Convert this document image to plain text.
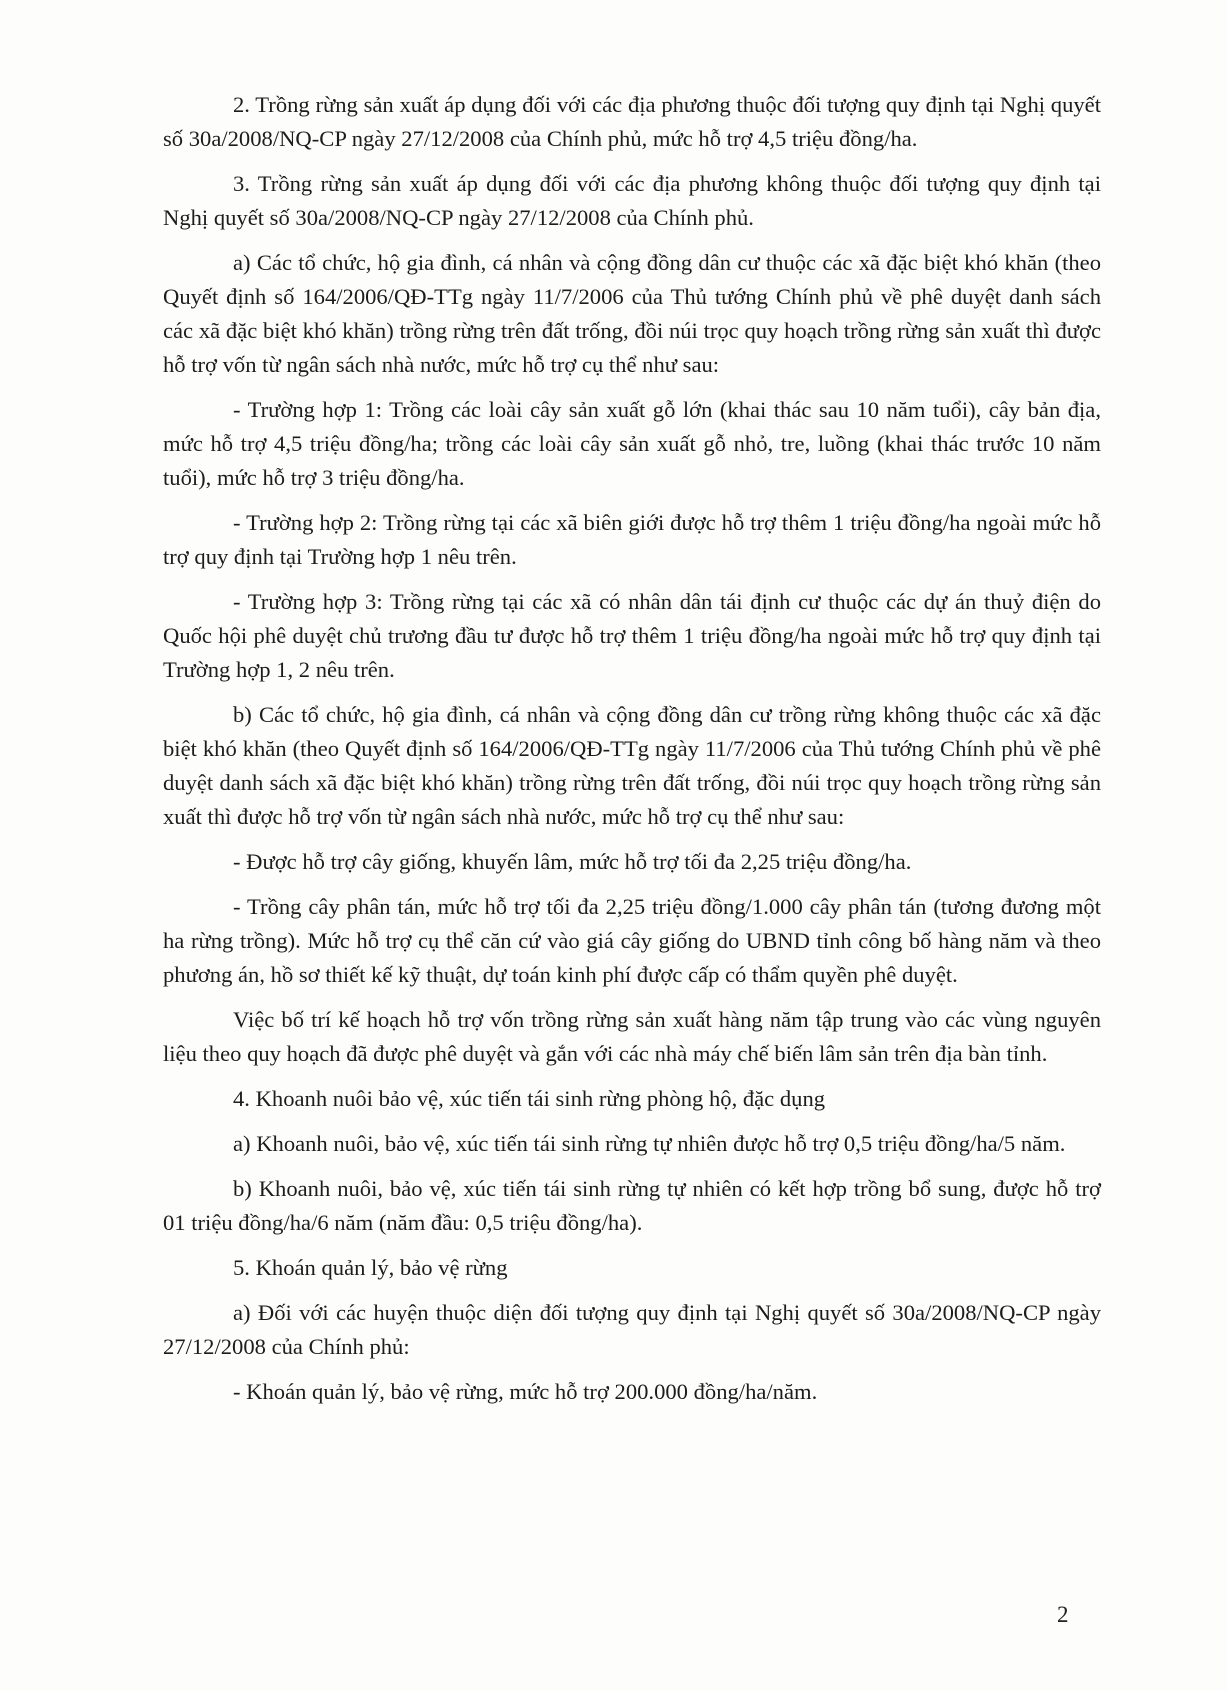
2. Trồng rừng sản xuất áp dụng đối với các địa phương thuộc đối tượng quy định tại Nghị quyết số 30a/2008/NQ-CP ngày 27/12/2008 của Chính phủ, mức hỗ trợ 4,5 triệu đồng/ha.

3. Trồng rừng sản xuất áp dụng đối với các địa phương không thuộc đối tượng quy định tại Nghị quyết số 30a/2008/NQ-CP ngày 27/12/2008 của Chính phủ.

a) Các tổ chức, hộ gia đình, cá nhân và cộng đồng dân cư thuộc các xã đặc biệt khó khăn (theo Quyết định số 164/2006/QĐ-TTg ngày 11/7/2006 của Thủ tướng Chính phủ về phê duyệt danh sách các xã đặc biệt khó khăn) trồng rừng trên đất trống, đồi núi trọc quy hoạch trồng rừng sản xuất thì được hỗ trợ vốn từ ngân sách nhà nước, mức hỗ trợ cụ thể như sau:

- Trường hợp 1: Trồng các loài cây sản xuất gỗ lớn (khai thác sau 10 năm tuổi), cây bản địa, mức hỗ trợ 4,5 triệu đồng/ha; trồng các loài cây sản xuất gỗ nhỏ, tre, luồng (khai thác trước 10 năm tuổi), mức hỗ trợ 3 triệu đồng/ha.

- Trường hợp 2: Trồng rừng tại các xã biên giới được hỗ trợ thêm 1 triệu đồng/ha ngoài mức hỗ trợ quy định tại Trường hợp 1 nêu trên.

- Trường hợp 3: Trồng rừng tại các xã có nhân dân tái định cư thuộc các dự án thuỷ điện do Quốc hội phê duyệt chủ trương đầu tư được hỗ trợ thêm 1 triệu đồng/ha ngoài mức hỗ trợ quy định tại Trường hợp 1, 2 nêu trên.

b) Các tổ chức, hộ gia đình, cá nhân và cộng đồng dân cư trồng rừng không thuộc các xã đặc biệt khó khăn (theo Quyết định số 164/2006/QĐ-TTg ngày 11/7/2006 của Thủ tướng Chính phủ về phê duyệt danh sách xã đặc biệt khó khăn) trồng rừng trên đất trống, đồi núi trọc quy hoạch trồng rừng sản xuất thì được hỗ trợ vốn từ ngân sách nhà nước, mức hỗ trợ cụ thể như sau:

- Được hỗ trợ cây giống, khuyến lâm, mức hỗ trợ tối đa 2,25 triệu đồng/ha.

- Trồng cây phân tán, mức hỗ trợ tối đa 2,25 triệu đồng/1.000 cây phân tán (tương đương một ha rừng trồng). Mức hỗ trợ cụ thể căn cứ vào giá cây giống do UBND tỉnh công bố hàng năm và theo phương án, hồ sơ thiết kế kỹ thuật, dự toán kinh phí được cấp có thẩm quyền phê duyệt.

Việc bố trí kế hoạch hỗ trợ vốn trồng rừng sản xuất hàng năm tập trung vào các vùng nguyên liệu theo quy hoạch đã được phê duyệt và gắn với các nhà máy chế biến lâm sản trên địa bàn tỉnh.

4. Khoanh nuôi bảo vệ, xúc tiến tái sinh rừng phòng hộ, đặc dụng

a) Khoanh nuôi, bảo vệ, xúc tiến tái sinh rừng tự nhiên được hỗ trợ 0,5 triệu đồng/ha/5 năm.

b) Khoanh nuôi, bảo vệ, xúc tiến tái sinh rừng tự nhiên có kết hợp trồng bổ sung, được hỗ trợ 01 triệu đồng/ha/6 năm (năm đầu: 0,5 triệu đồng/ha).

5. Khoán quản lý, bảo vệ rừng

a) Đối với các huyện thuộc diện đối tượng quy định tại Nghị quyết số 30a/2008/NQ-CP ngày 27/12/2008 của Chính phủ:

- Khoán quản lý, bảo vệ rừng, mức hỗ trợ 200.000 đồng/ha/năm.

2
